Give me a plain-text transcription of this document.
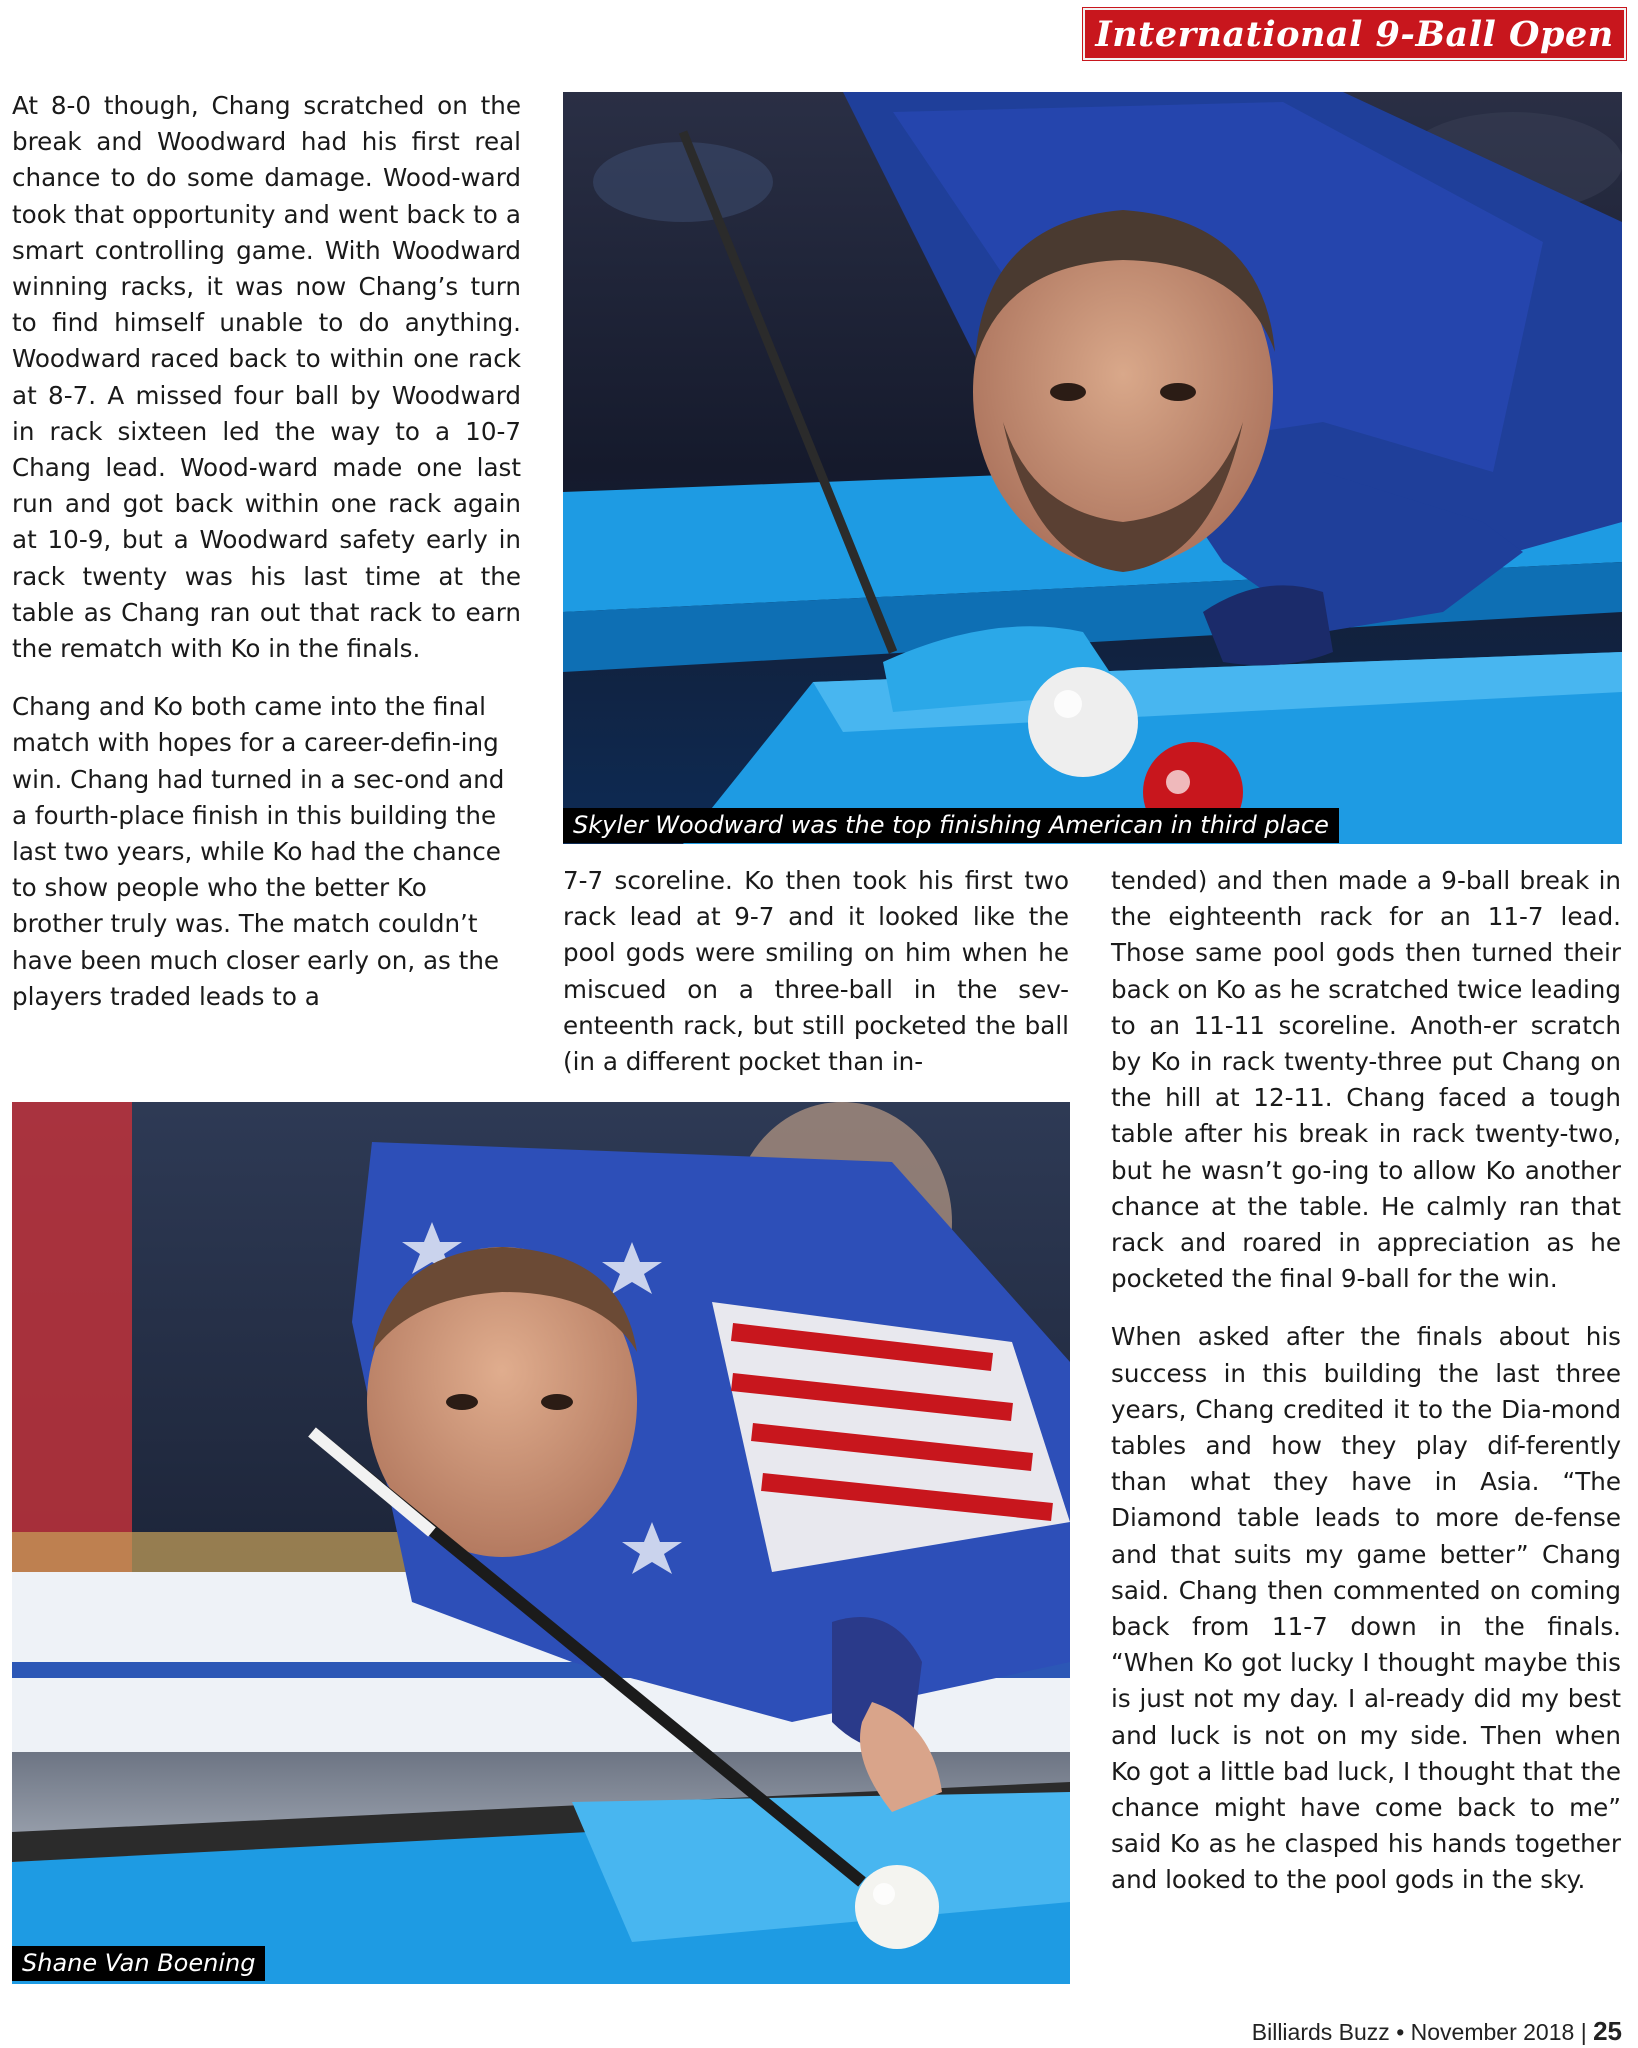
International 9-Ball Open

At 8-0 though, Chang scratched on the break and Woodward had his first real chance to do some damage. Wood-ward took that opportunity and went back to a smart controlling game. With Woodward winning racks, it was now Chang’s turn to find himself unable to do anything. Woodward raced back to within one rack at 8-7. A missed four ball by Woodward in rack sixteen led the way to a 10-7 Chang lead. Wood-ward made one last run and got back within one rack again at 10-9, but a Woodward safety early in rack twenty was his last time at the table as Chang ran out that rack to earn the rematch with Ko in the finals.

Chang and Ko both came into the final match with hopes for a career-defin-ing win. Chang had turned in a sec-ond and a fourth-place finish in this building the last two years, while Ko had the chance to show people who the better Ko brother truly was. The match couldn’t have been much closer early on, as the players traded leads to a

Skyler Woodward was the top finishing American in third place

7-7 scoreline. Ko then took his first two rack lead at 9-7 and it looked like the pool gods were smiling on him when he miscued on a three-ball in the sev-enteenth rack, but still pocketed the ball (in a different pocket than in-

tended) and then made a 9-ball break in the eighteenth rack for an 11-7 lead. Those same pool gods then turned their back on Ko as he scratched twice leading to an 11-11 scoreline. Anoth-er scratch by Ko in rack twenty-three put Chang on the hill at 12-11. Chang faced a tough table after his break in rack twenty-two, but he wasn’t go-ing to allow Ko another chance at the table. He calmly ran that rack and roared in appreciation as he pocketed the final 9-ball for the win.

When asked after the finals about his success in this building the last three years, Chang credited it to the Dia-mond tables and how they play dif-ferently than what they have in Asia. “The Diamond table leads to more de-fense and that suits my game better” Chang said. Chang then commented on coming back from 11-7 down in the finals. “When Ko got lucky I thought maybe this is just not my day. I al-ready did my best and luck is not on my side. Then when Ko got a little bad luck, I thought that the chance might have come back to me” said Ko as he clasped his hands together and looked to the pool gods in the sky.

Shane Van Boening
Billiards Buzz • November 2018 | 25
